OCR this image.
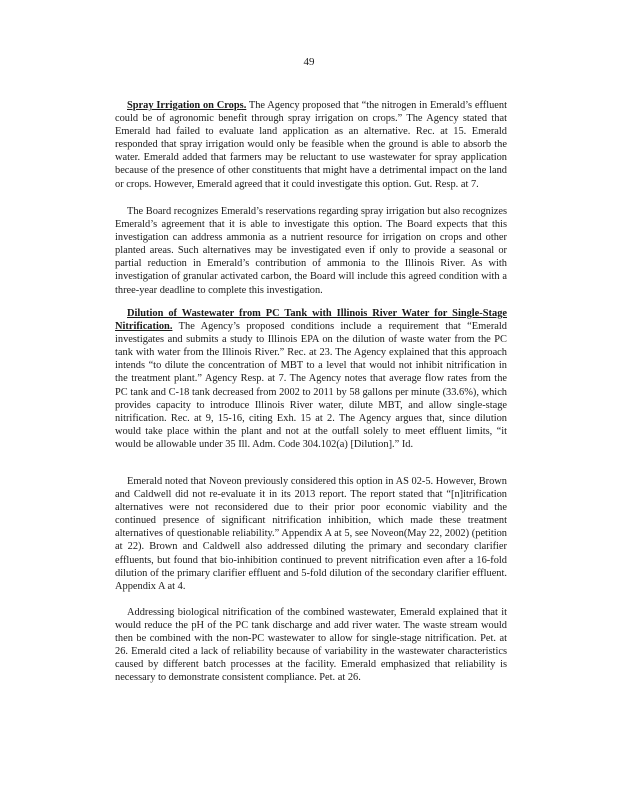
49

Spray Irrigation on Crops. The Agency proposed that “the nitrogen in Emerald’s effluent could be of agronomic benefit through spray irrigation on crops.” The Agency stated that Emerald had failed to evaluate land application as an alternative. Rec. at 15. Emerald responded that spray irrigation would only be feasible when the ground is able to absorb the water. Emerald added that farmers may be reluctant to use wastewater for spray application because of the presence of other constituents that might have a detrimental impact on the land or crops. However, Emerald agreed that it could investigate this option. Gut. Resp. at 7.

The Board recognizes Emerald’s reservations regarding spray irrigation but also recognizes Emerald’s agreement that it is able to investigate this option. The Board expects that this investigation can address ammonia as a nutrient resource for irrigation on crops and other planted areas. Such alternatives may be investigated even if only to provide a seasonal or partial reduction in Emerald’s contribution of ammonia to the Illinois River. As with investigation of granular activated carbon, the Board will include this agreed condition with a three-year deadline to complete this investigation.

Dilution of Wastewater from PC Tank with Illinois River Water for Single-Stage Nitrification. The Agency’s proposed conditions include a requirement that “Emerald investigates and submits a study to Illinois EPA on the dilution of waste water from the PC tank with water from the Illinois River.” Rec. at 23. The Agency explained that this approach intends “to dilute the concentration of MBT to a level that would not inhibit nitrification in the treatment plant.” Agency Resp. at 7. The Agency notes that average flow rates from the PC tank and C-18 tank decreased from 2002 to 2011 by 58 gallons per minute (33.6%), which provides capacity to introduce Illinois River water, dilute MBT, and allow single-stage nitrification. Rec. at 9, 15-16, citing Exh. 15 at 2. The Agency argues that, since dilution would take place within the plant and not at the outfall solely to meet effluent limits, “it would be allowable under 35 Ill. Adm. Code 304.102(a) [Dilution].” Id.

Emerald noted that Noveon previously considered this option in AS 02-5. However, Brown and Caldwell did not re-evaluate it in its 2013 report. The report stated that “[n]itrification alternatives were not reconsidered due to their prior poor economic viability and the continued presence of significant nitrification inhibition, which made these treatment alternatives of questionable reliability.” Appendix A at 5, see Noveon(May 22, 2002) (petition at 22). Brown and Caldwell also addressed diluting the primary and secondary clarifier effluents, but found that bio-inhibition continued to prevent nitrification even after a 16-fold dilution of the primary clarifier effluent and 5-fold dilution of the secondary clarifier effluent. Appendix A at 4.

Addressing biological nitrification of the combined wastewater, Emerald explained that it would reduce the pH of the PC tank discharge and add river water. The waste stream would then be combined with the non-PC wastewater to allow for single-stage nitrification. Pet. at 26. Emerald cited a lack of reliability because of variability in the wastewater characteristics caused by different batch processes at the facility. Emerald emphasized that reliability is necessary to demonstrate consistent compliance. Pet. at 26.
